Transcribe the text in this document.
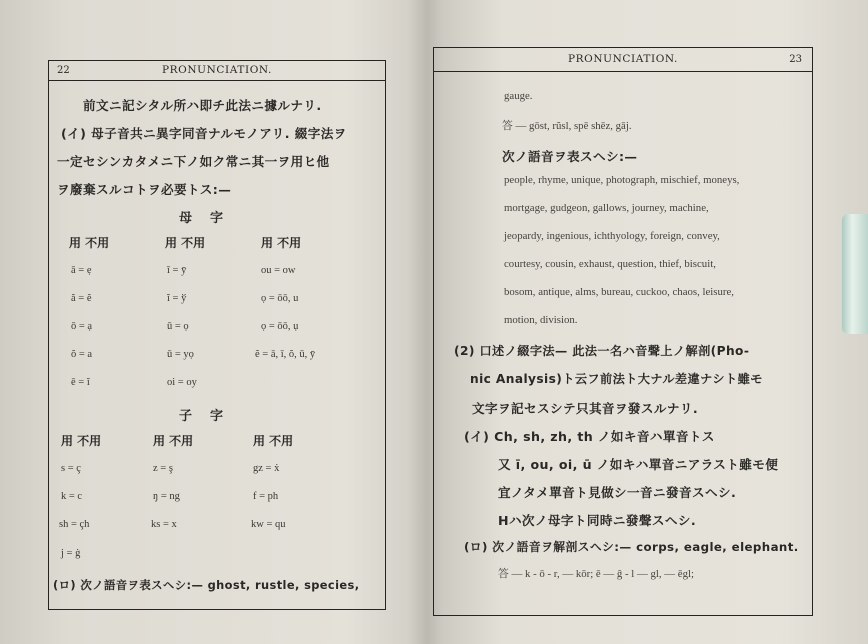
22	PRONUNCIATION.
前文ニ記シタル所ハ即チ此法ニ據ルナリ.
(イ) 母子音共ニ異字同音ナルモノアリ. 綴字法ヲ
一定セシンカタメニ下ノ如ク常ニ其一ヲ用ヒ他
ヲ廢棄スルコトヲ必要トス:—
母字
用 不用	用 不用	用 不用
ā = ẹ	ī = ȳ	ou = ow
ă = ĕ	ĭ = ў	ọ = ōō, u
ō = ạ	ū = ọ	ọ = ōō, ụ
ŏ = a	ū = yọ	ẽ = ā, ī, ŏ, ū, ȳ
ē = ĭ	oi = oy
子字
用 不用	用 不用	用 不用
s = ç	z = ş	gz = ẋ
k = c	ŋ = ng	f = ph
sh = çh	ks = x	kw = qu
j = ġ
(ロ) 次ノ語音ヲ表スヘシ:— ghost, rustle, species,
PRONUNCIATION.	23
gauge.
答 — gōst, rŭsl, spē shēz, gāj.
次ノ語音ヲ表スヘシ:—
people, rhyme, unique, photograph, mischief, moneys,
mortgage, gudgeon, gallows, journey, machine,
jeopardy, ingenious, ichthyology, foreign, convey,
courtesy, cousin, exhaust, question, thief, biscuit,
bosom, antique, alms, bureau, cuckoo, chaos, leisure,
motion, division.
(2) 口述ノ綴字法— 此法一名ハ音聲上ノ解剖(Pho-
nic Analysis)ト云フ前法ト大ナル差違ナシト雖モ
文字ヲ記セスシテ只其音ヲ發スルナリ.
(イ) Ch, sh, zh, th ノ如キ音ハ單音トス
又 ī, ou, oi, ū ノ如キハ單音ニアラスト雖モ便
宜ノタメ單音ト見做シ一音ニ發音スヘシ.
Hハ次ノ母字ト同時ニ發聲スヘシ.
(ロ) 次ノ語音ヲ解剖スヘシ:— corps, eagle, elephant.
答 — k - ō - r, — kōr; ē — ĝ - l — gl, — ēgl;
